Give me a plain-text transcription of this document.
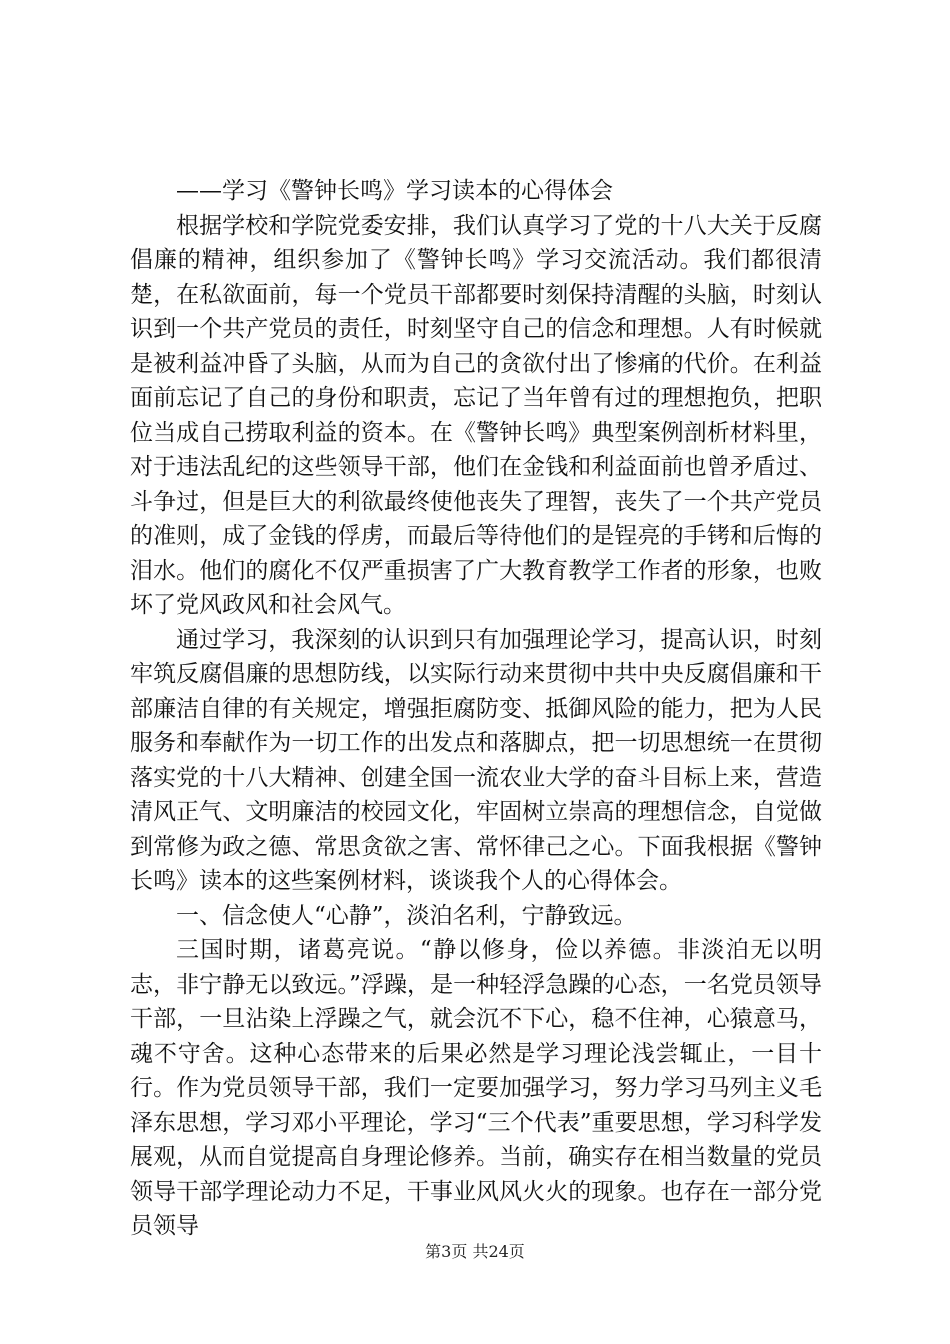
——学习《警钟长鸣》学习读本的心得体会

根据学校和学院党委安排，我们认真学习了党的十八大关于反腐倡廉的精神，组织参加了《警钟长鸣》学习交流活动。我们都很清楚，在私欲面前，每一个党员干部都要时刻保持清醒的头脑，时刻认识到一个共产党员的责任，时刻坚守自己的信念和理想。人有时候就是被利益冲昏了头脑，从而为自己的贪欲付出了惨痛的代价。在利益面前忘记了自己的身份和职责，忘记了当年曾有过的理想抱负，把职位当成自己捞取利益的资本。在《警钟长鸣》典型案例剖析材料里，对于违法乱纪的这些领导干部，他们在金钱和利益面前也曾矛盾过、斗争过，但是巨大的利欲最终使他丧失了理智，丧失了一个共产党员的准则，成了金钱的俘虏，而最后等待他们的是锃亮的手铐和后悔的泪水。他们的腐化不仅严重损害了广大教育教学工作者的形象，也败坏了党风政风和社会风气。

通过学习，我深刻的认识到只有加强理论学习，提高认识，时刻牢筑反腐倡廉的思想防线，以实际行动来贯彻中共中央反腐倡廉和干部廉洁自律的有关规定，增强拒腐防变、抵御风险的能力，把为人民服务和奉献作为一切工作的出发点和落脚点，把一切思想统一在贯彻落实党的十八大精神、创建全国一流农业大学的奋斗目标上来，营造清风正气、文明廉洁的校园文化，牢固树立崇高的理想信念，自觉做到常修为政之德、常思贪欲之害、常怀律己之心。下面我根据《警钟长鸣》读本的这些案例材料，谈谈我个人的心得体会。

一、信念使人“心静”，淡泊名利，宁静致远。

三国时期，诸葛亮说。“静以修身，俭以养德。非淡泊无以明志，非宁静无以致远。”浮躁，是一种轻浮急躁的心态，一名党员领导干部，一旦沾染上浮躁之气，就会沉不下心，稳不住神，心猿意马，魂不守舍。这种心态带来的后果必然是学习理论浅尝辄止，一目十行。作为党员领导干部，我们一定要加强学习，努力学习马列主义毛泽东思想，学习邓小平理论，学习“三个代表”重要思想，学习科学发展观，从而自觉提高自身理论修养。当前，确实存在相当数量的党员领导干部学理论动力不足，干事业风风火火的现象。也存在一部分党员领导

第3页 共24页
